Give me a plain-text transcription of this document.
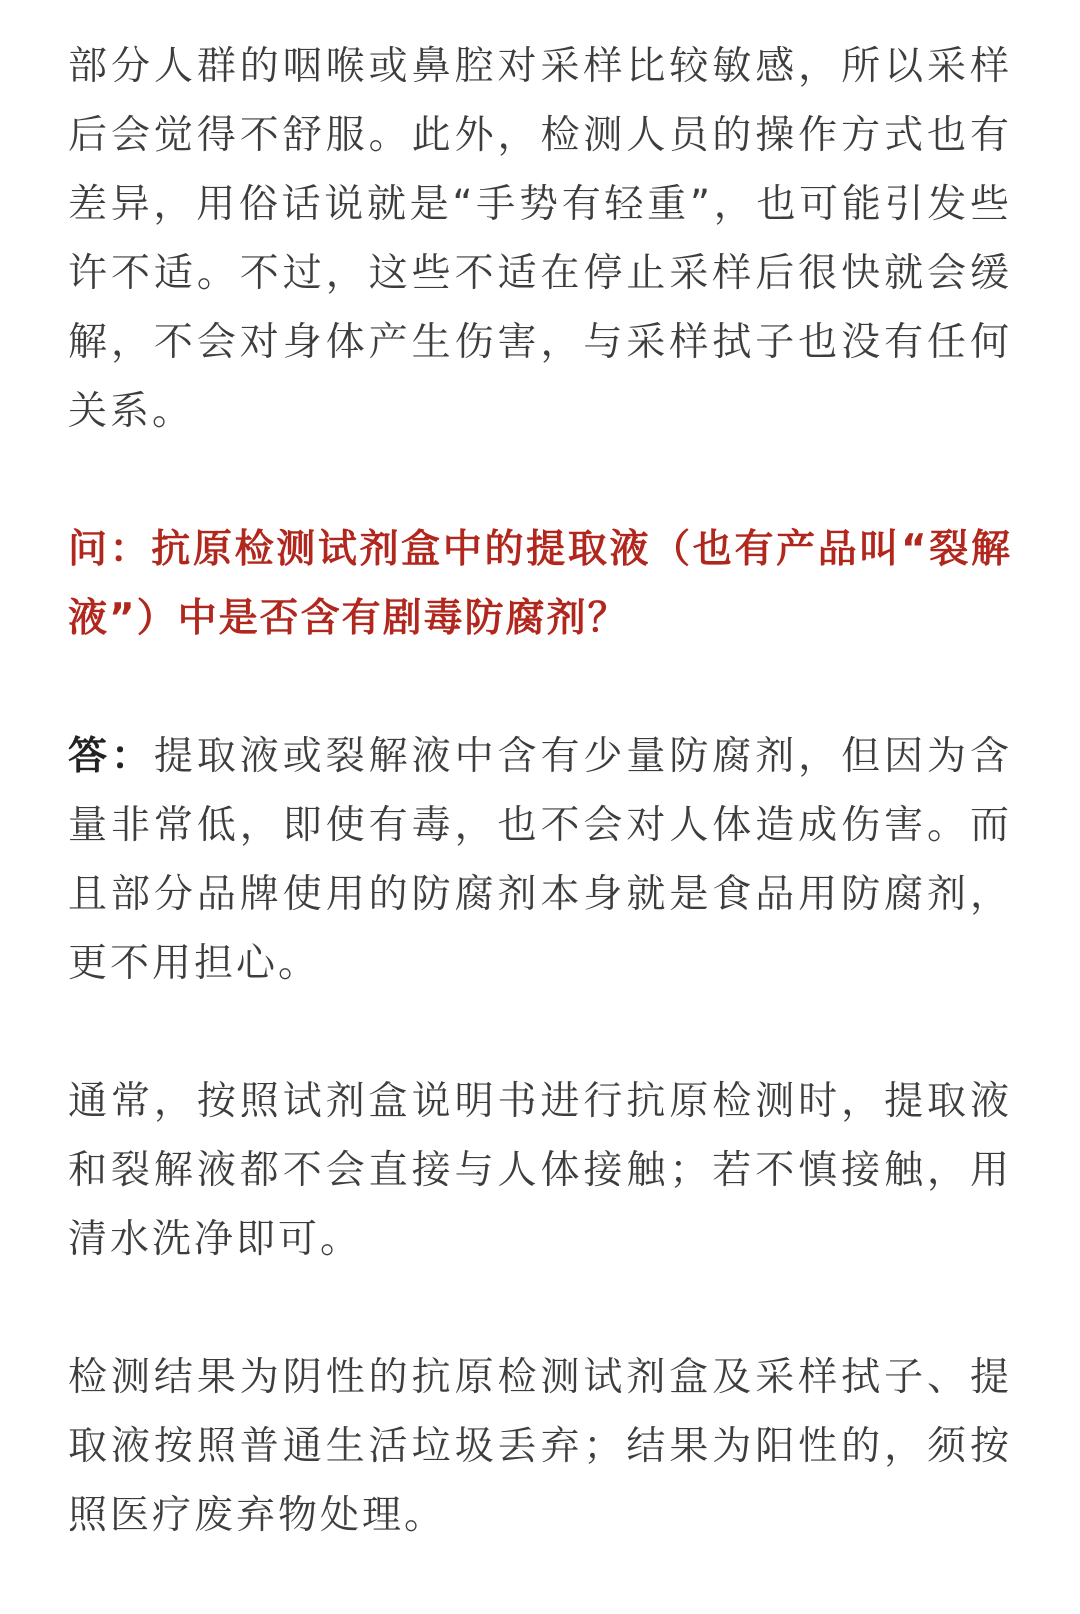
部分人群的咽喉或鼻腔对采样比较敏感，所以采样后会觉得不舒服。此外，检测人员的操作方式也有差异，用俗话说就是“手势有轻重”，也可能引发些许不适。不过，这些不适在停止采样后很快就会缓解，不会对身体产生伤害，与采样拭子也没有任何关系。

问：抗原检测试剂盒中的提取液（也有产品叫“裂解液”）中是否含有剧毒防腐剂？

答：提取液或裂解液中含有少量防腐剂，但因为含量非常低，即使有毒，也不会对人体造成伤害。而且部分品牌使用的防腐剂本身就是食品用防腐剂，更不用担心。

通常，按照试剂盒说明书进行抗原检测时，提取液和裂解液都不会直接与人体接触；若不慎接触，用清水洗净即可。

检测结果为阴性的抗原检测试剂盒及采样拭子、提取液按照普通生活垃圾丢弃；结果为阳性的，须按照医疗废弃物处理。
